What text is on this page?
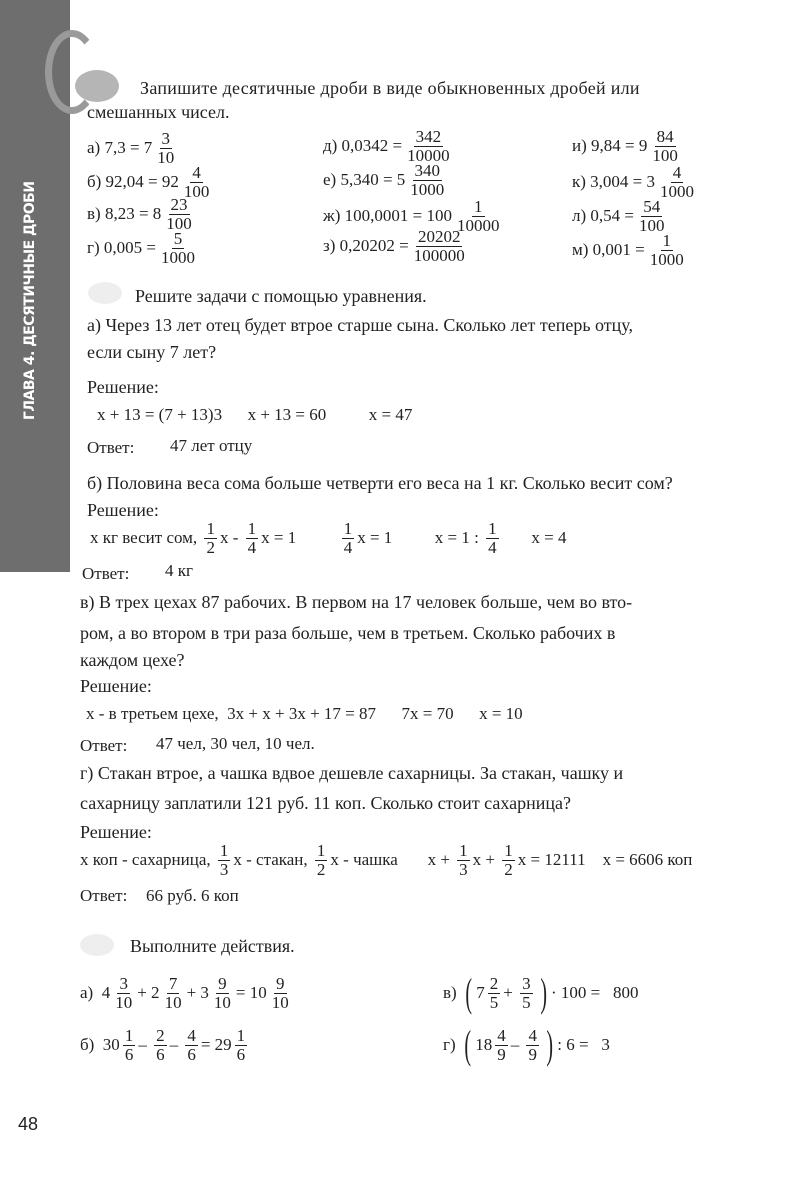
ГЛАВА 4. ДЕСЯТИЧНЫЕ ДРОБИ
Запишите десятичные дроби в виде обыкновенных дробей или
смешанных чисел.
а) $7,3 = 7 \frac{3}{10}$
б) $92,04 = 92 \frac{4}{100}$
в) $8,23 = 8 \frac{23}{100}$
г) $0,005 = \frac{5}{1000}$
д) $0,0342 = \frac{342}{10000}$
е) $5,340 = 5 \frac{340}{1000}$
ж) $100,0001 = 100 \frac{1}{10000}$
з) $0,20202 = \frac{20202}{100000}$
и) $9,84 = 9 \frac{84}{100}$
к) $3,004 = 3 \frac{4}{1000}$
л) $0,54 = \frac{54}{100}$
м) $0,001 = \frac{1}{1000}$
Решите задачи с помощью уравнения.
а) Через 13 лет отец будет втрое старше сына. Сколько лет теперь отцу,
если сыну 7 лет?
Решение:
x + 13 = (7 + 13)3      x + 13 = 60          x = 47
Ответ: 47 лет отцу
б) Половина веса сома больше четверти его веса на 1 кг. Сколько весит сом?
Решение:
x кг весит сом, $\frac{1}{2}$ x - $\frac{1}{4}$ $x = 1 \frac{1}{4}$ x = 1          x = 1 : $\frac{1}{4}$ x = 4
Ответ: 4 кг
в) В трех цехах 87 рабочих. В первом на 17 человек больше, чем во вто-
ром, а во втором в три раза больше, чем в третьем. Сколько рабочих в
каждом цехе?
Решение:
x - в третьем цехе,  3x + x + 3x + 17 = 87      7x = 70      x = 10
Ответ: 47 чел, 30 чел, 10 чел.
г) Стакан втрое, а чашка вдвое дешевле сахарницы. За стакан, чашку и
сахарницу заплатили 121 руб. 11 коп. Сколько стоит сахарница?
Решение:
x коп - сахарница, $\frac{1}{3}$ x - стакан, $\frac{1}{2}$ x - чашка       $x + \frac{1}{3}$ $x + \frac{1}{2}$ x = 12111    x = 6606 коп
Ответ: 66 руб. 6 коп
Выполните действия.
а)  $4 \frac{3}{10} + 2 \frac{7}{10} + 3 \frac{9}{10} = 10 \frac{9}{10}$
б)  $30 \frac{1}{6} - \frac{2}{6} - \frac{4}{6} = 29 \frac{1}{6}$
в) ( $7 \frac{2}{5} + \frac{3}{5}$ ) · 100 =   800
г) ( $18 \frac{4}{9} - \frac{4}{9}$ ) : 6 =   3
48
